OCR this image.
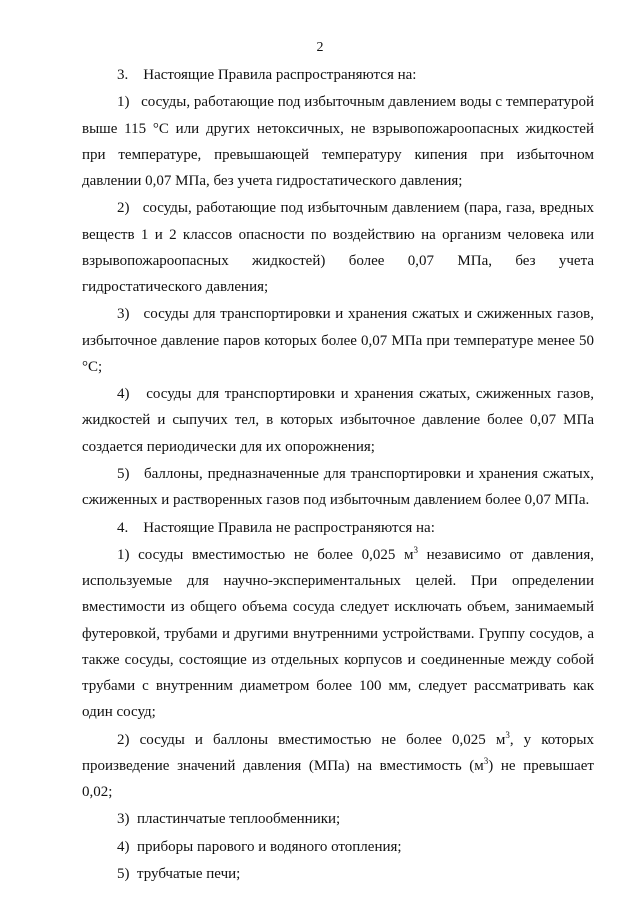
2

3.    Настоящие Правила распространяются на:

1)   сосуды, работающие под избыточным давлением воды с температурой выше 115 °С или других нетоксичных, не взрывопожароопасных жидкостей при температуре, превышающей температуру кипения при избыточном давлении 0,07 МПа, без учета гидростатического давления;

2)   сосуды, работающие под избыточным давлением (пара, газа, вредных веществ 1 и 2 классов опасности по воздействию на организм человека или взрывопожароопасных жидкостей) более 0,07 МПа, без учета гидростатического давления;

3)   сосуды для транспортировки и хранения сжатых и сжиженных газов, избыточное давление паров которых более 0,07 МПа при температуре менее 50 °С;

4)   сосуды для транспортировки и хранения сжатых, сжиженных газов, жидкостей и сыпучих тел, в которых избыточное давление более 0,07 МПа создается периодически для их опорожнения;

5)   баллоны, предназначенные для транспортировки и хранения сжатых, сжиженных и растворенных газов под избыточным давлением более 0,07 МПа.

4.    Настоящие Правила не распространяются на:

1) сосуды вместимостью не более 0,025 $м^3$ независимо от давления, используемые для научно-экспериментальных целей. При определении вместимости из общего объема сосуда следует исключать объем, занимаемый футеровкой, трубами и другими внутренними устройствами. Группу сосудов, а также сосуды, состоящие из отдельных корпусов и соединенные между собой трубами с внутренним диаметром более 100 мм, следует рассматривать как один сосуд;

2) сосуды и баллоны вместимостью не более 0,025 $м^3$, у которых произведение значений давления (МПа) на вместимость $(м^3)$ не превышает 0,02;

3)  пластинчатые теплообменники;

4)  приборы парового и водяного отопления;

5)  трубчатые печи;
